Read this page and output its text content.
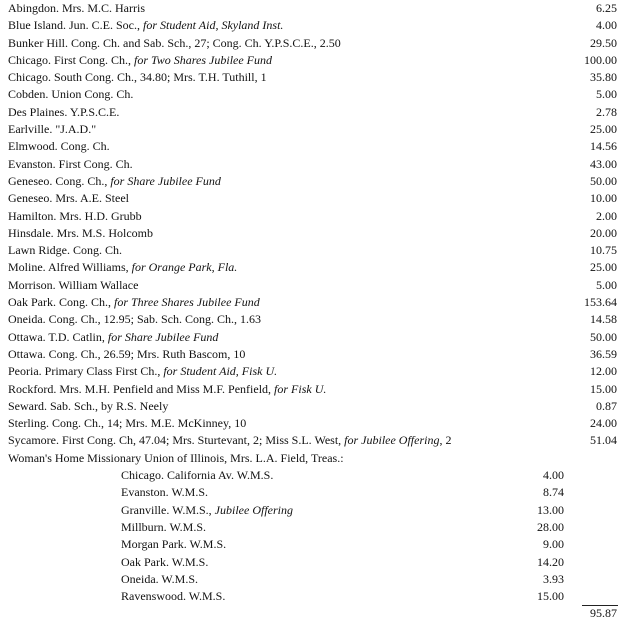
Abingdon. Mrs. M.C. Harris	6.25
Blue Island. Jun. C.E. Soc., for Student Aid, Skyland Inst.	4.00
Bunker Hill. Cong. Ch. and Sab. Sch., 27; Cong. Ch. Y.P.S.C.E., 2.50	29.50
Chicago. First Cong. Ch., for Two Shares Jubilee Fund	100.00
Chicago. South Cong. Ch., 34.80; Mrs. T.H. Tuthill, 1	35.80
Cobden. Union Cong. Ch.	5.00
Des Plaines. Y.P.S.C.E.	2.78
Earlville. "J.A.D."	25.00
Elmwood. Cong. Ch.	14.56
Evanston. First Cong. Ch.	43.00
Geneseo. Cong. Ch., for Share Jubilee Fund	50.00
Geneseo. Mrs. A.E. Steel	10.00
Hamilton. Mrs. H.D. Grubb	2.00
Hinsdale. Mrs. M.S. Holcomb	20.00
Lawn Ridge. Cong. Ch.	10.75
Moline. Alfred Williams, for Orange Park, Fla.	25.00
Morrison. William Wallace	5.00
Oak Park. Cong. Ch., for Three Shares Jubilee Fund	153.64
Oneida. Cong. Ch., 12.95; Sab. Sch. Cong. Ch., 1.63	14.58
Ottawa. T.D. Catlin, for Share Jubilee Fund	50.00
Ottawa. Cong. Ch., 26.59; Mrs. Ruth Bascom, 10	36.59
Peoria. Primary Class First Ch., for Student Aid, Fisk U.	12.00
Rockford. Mrs. M.H. Penfield and Miss M.F. Penfield, for Fisk U.	15.00
Seward. Sab. Sch., by R.S. Neely	0.87
Sterling. Cong. Ch., 14; Mrs. M.E. McKinney, 10	24.00
Sycamore. First Cong. Ch, 47.04; Mrs. Sturtevant, 2; Miss S.L. West, for Jubilee Offering, 2	51.04
Woman's Home Missionary Union of Illinois, Mrs. L.A. Field, Treas.:
Chicago. California Av. W.M.S.	4.00
Evanston. W.M.S.	8.74
Granville. W.M.S., Jubilee Offering	13.00
Millburn. W.M.S.	28.00
Morgan Park. W.M.S.	9.00
Oak Park. W.M.S.	14.20
Oneida. W.M.S.	3.93
Ravenswood. W.M.S.	15.00
95.87
